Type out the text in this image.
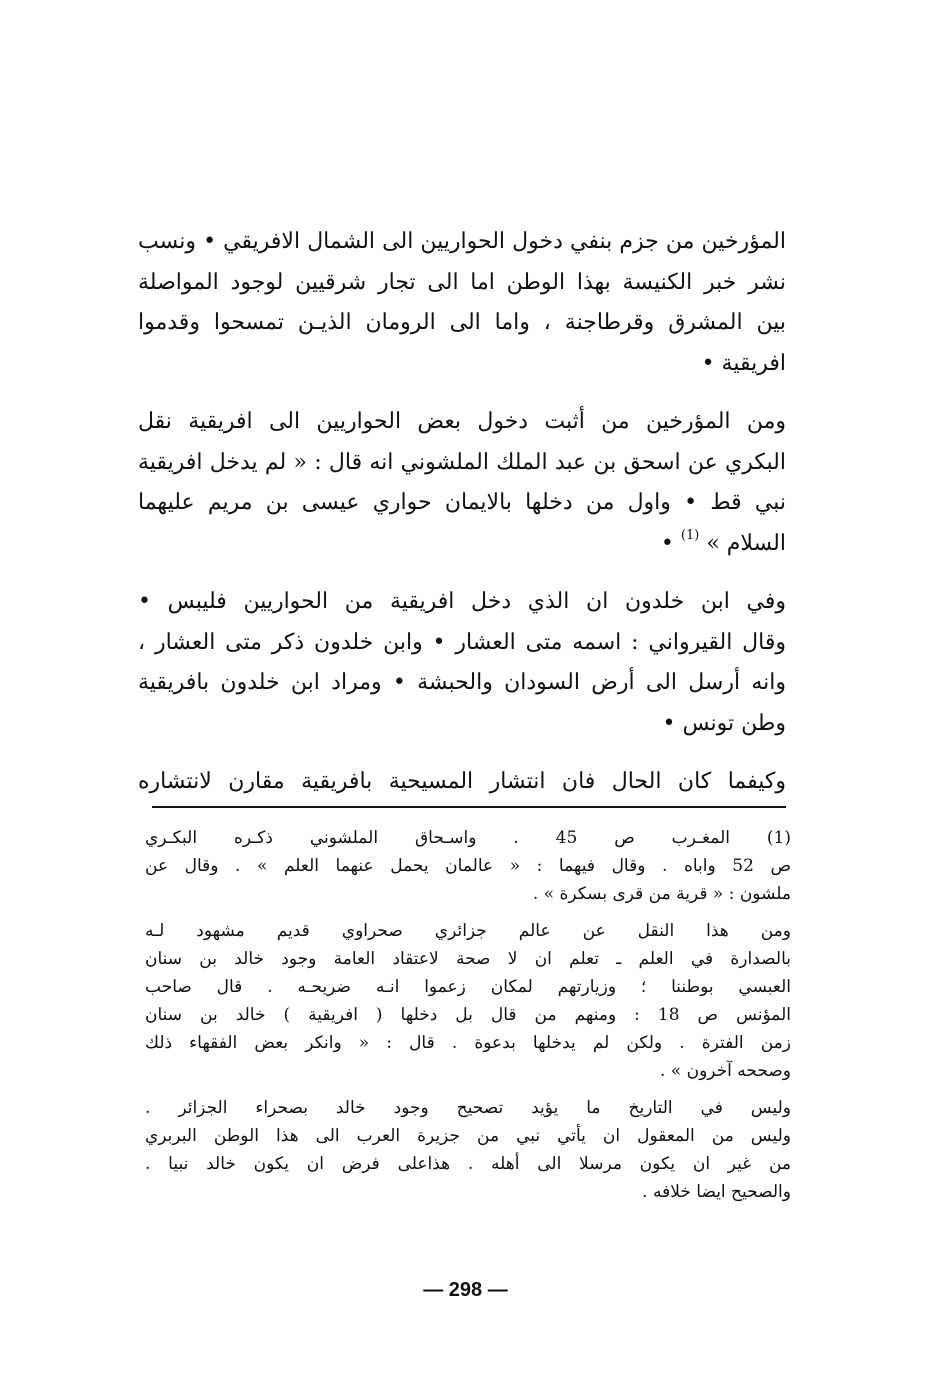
المؤرخين من جزم بنفي دخول الحواريين الى الشمال الافريقي • ونسب
نشر خبر الكنيسة بهذا الوطن اما الى تجار شرقيين لوجود المواصلة
بين المشرق وقرطاجنة ، واما الى الرومان الذيـن تمسحوا وقدموا
افريقية •
ومن المؤرخين من أثبت دخول بعض الحواريين الى افريقية نقل
البكري عن اسحق بن عبد الملك الملشوني انه قال : « لم يدخل افريقية
نبي قط • واول من دخلها بالايمان حواري عيسى بن مريم عليهما
السلام » $^{(1)}$ •
وفي ابن خلدون ان الذي دخل افريقية من الحواريين فليبس •
وقال القيرواني : اسمه متى العشار • وابن خلدون ذكر متى العشار ،
وانه أرسل الى أرض السودان والحبشة • ومراد ابن خلدون بافريقية
وطن تونس •
وكيفما كان الحال فان انتشار المسيحية بافريقية مقارن لانتشاره
(1) المغـرب ص 45 . واسـحاق الملشوني ذكـره البكـري
ص 52 واباه . وقال فيهما : « عالمان يحمل عنهما العلم » . وقال عن
ملشون : « قرية من قرى بسكرة » .
ومن هذا النقل عن عالم جزائري صحراوي قديم مشهود لـه
بالصدارة في العلم ـ تعلم ان لا صحة لاعتقاد العامة وجود خالد بن سنان
العبسي بوطننا ؛ وزيارتهم لمكان زعموا انـه ضريحـه . قال صاحب
المؤنس ص 18 : ومنهم من قال بل دخلها ( افريقية ) خالد بن سنان
زمن الفترة . ولكن لم يدخلها بدعوة . قال : « وانكر بعض الفقهاء ذلك
وصححه آخرون » .
وليس في التاريخ ما يؤيد تصحيح وجود خالد بصحراء الجزائر .
وليس من المعقول ان يأتي نبي من جزيرة العرب الى هذا الوطن البربري
من غير ان يكون مرسلا الى أهله . هذاعلى فرض ان يكون خالد نبيا .
والصحيح ايضا خلافه .
— 298 —
